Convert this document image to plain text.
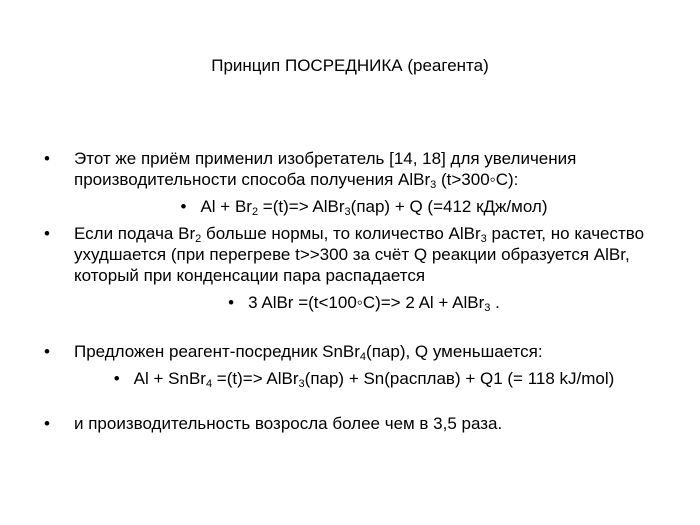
Принцип ПОСРЕДНИКА (реагента)
• Этот же приём применил изобретатель [14, 18] для увеличения производительности способа получения AlBr$_3$ (t>300◦C):
• $Al + Br_2 =(t)=>$ AlBr$_3$(пар) + Q (=412 кДж/мол)
• Если подача $Br_2$ больше нормы, то количество AlBr$_3$ растет, но качество ухудшается (при перегреве t>>300 за счёт Q реакции образуется AlBr, который при конденсации пара распадается
• 3 AlBr =(t<100◦C)=> 2 Al + AlBr$_3$ .
• Предложен реагент-посредник SnBr$_4$(пар), Q уменьшается:
• Al + SnBr$_4$ =(t)=> AlBr$_3$(пар) + Sn(расплав) + Q1 (= 118 kJ/mol)
• и производительность возросла более чем в 3,5 раза.
